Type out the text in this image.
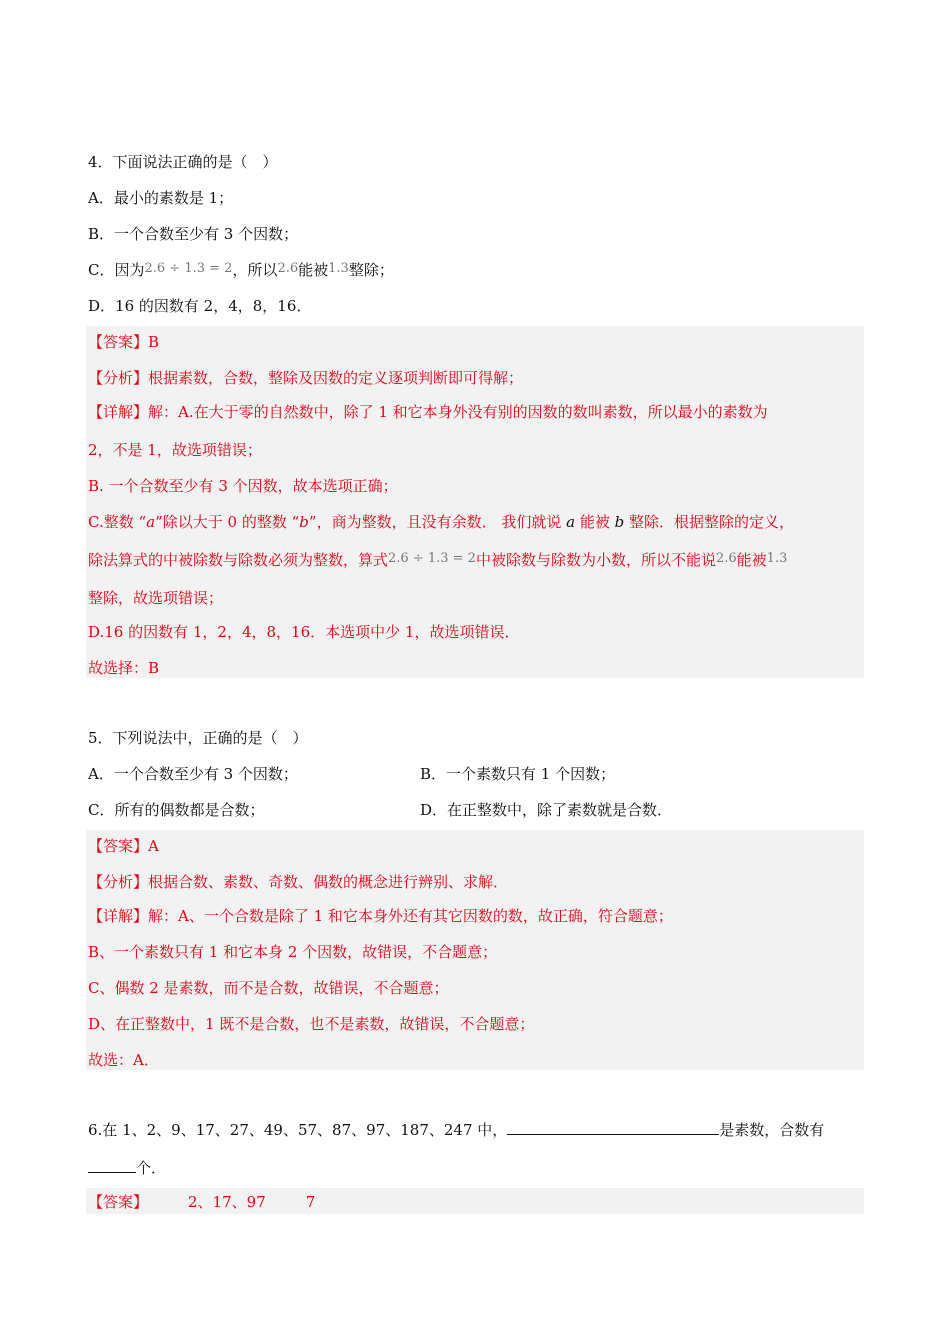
4．下面说法正确的是（　）
A．最小的素数是 1；
B．一个合数至少有 3 个因数；
C．因为2.6 ÷ 1.3 = 2，所以2.6能被1.3整除；
D．16 的因数有 2，4，8，16．
【答案】B
【分析】根据素数，合数，整除及因数的定义逐项判断即可得解；
【详解】解：A.在大于零的自然数中，除了 1 和它本身外没有别的因数的数叫素数，所以最小的素数为
2，不是 1，故选项错误；
B. 一个合数至少有 3 个因数，故本选项正确；
C.整数 “a”除以大于 0 的整数 “b”，商为整数，且没有余数． 我们就说 a 能被 b 整除．根据整除的定义，
除法算式的中被除数与除数必须为整数，算式2.6 ÷ 1.3 = 2中被除数与除数为小数，所以不能说2.6能被1.3
整除，故选项错误；
D.16 的因数有 1，2，4，8，16．本选项中少 1，故选项错误．
故选择：B
5．下列说法中，正确的是（　）
A．一个合数至少有 3 个因数；	B．一个素数只有 1 个因数；
C．所有的偶数都是合数；	D．在正整数中，除了素数就是合数．
【答案】A
【分析】根据合数、素数、奇数、偶数的概念进行辨别、求解．
【详解】解：A、一个合数是除了 1 和它本身外还有其它因数的数，故正确，符合题意；
B、一个素数只有 1 和它本身 2 个因数，故错误，不合题意；
C、偶数 2 是素数，而不是合数，故错误，不合题意；
D、在正整数中，1 既不是合数，也不是素数，故错误，不合题意；
故选：A．
6.在 1、2、9、17、27、49、57、87、97、187、247 中，	是素数，合数有
个．
【答案】	2、17、97	7
